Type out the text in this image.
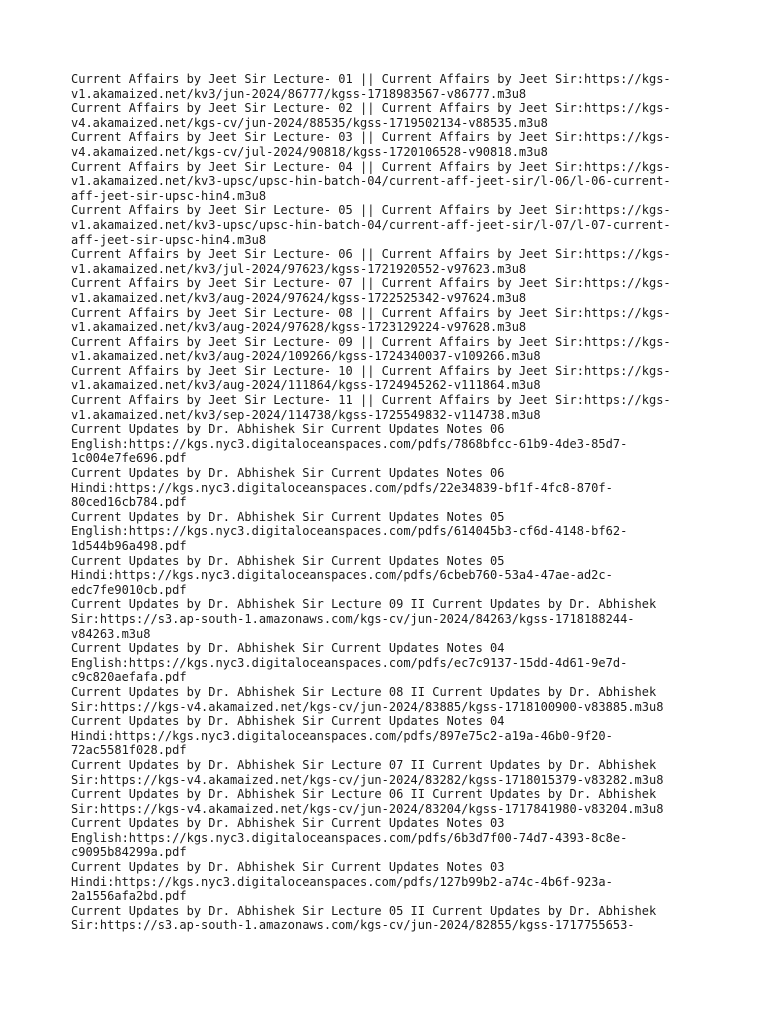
Current Affairs by Jeet Sir Lecture- 01 || Current Affairs by Jeet Sir:https://kgs-
v1.akamaized.net/kv3/jun-2024/86777/kgss-1718983567-v86777.m3u8
Current Affairs by Jeet Sir Lecture- 02 || Current Affairs by Jeet Sir:https://kgs-
v4.akamaized.net/kgs-cv/jun-2024/88535/kgss-1719502134-v88535.m3u8
Current Affairs by Jeet Sir Lecture- 03 || Current Affairs by Jeet Sir:https://kgs-
v4.akamaized.net/kgs-cv/jul-2024/90818/kgss-1720106528-v90818.m3u8
Current Affairs by Jeet Sir Lecture- 04 || Current Affairs by Jeet Sir:https://kgs-
v1.akamaized.net/kv3-upsc/upsc-hin-batch-04/current-aff-jeet-sir/l-06/l-06-current-
aff-jeet-sir-upsc-hin4.m3u8
Current Affairs by Jeet Sir Lecture- 05 || Current Affairs by Jeet Sir:https://kgs-
v1.akamaized.net/kv3-upsc/upsc-hin-batch-04/current-aff-jeet-sir/l-07/l-07-current-
aff-jeet-sir-upsc-hin4.m3u8
Current Affairs by Jeet Sir Lecture- 06 || Current Affairs by Jeet Sir:https://kgs-
v1.akamaized.net/kv3/jul-2024/97623/kgss-1721920552-v97623.m3u8
Current Affairs by Jeet Sir Lecture- 07 || Current Affairs by Jeet Sir:https://kgs-
v1.akamaized.net/kv3/aug-2024/97624/kgss-1722525342-v97624.m3u8
Current Affairs by Jeet Sir Lecture- 08 || Current Affairs by Jeet Sir:https://kgs-
v1.akamaized.net/kv3/aug-2024/97628/kgss-1723129224-v97628.m3u8
Current Affairs by Jeet Sir Lecture- 09 || Current Affairs by Jeet Sir:https://kgs-
v1.akamaized.net/kv3/aug-2024/109266/kgss-1724340037-v109266.m3u8
Current Affairs by Jeet Sir Lecture- 10 || Current Affairs by Jeet Sir:https://kgs-
v1.akamaized.net/kv3/aug-2024/111864/kgss-1724945262-v111864.m3u8
Current Affairs by Jeet Sir Lecture- 11 || Current Affairs by Jeet Sir:https://kgs-
v1.akamaized.net/kv3/sep-2024/114738/kgss-1725549832-v114738.m3u8
Current Updates by Dr. Abhishek Sir Current Updates Notes 06
English:https://kgs.nyc3.digitaloceanspaces.com/pdfs/7868bfcc-61b9-4de3-85d7-
1c004e7fe696.pdf
Current Updates by Dr. Abhishek Sir Current Updates Notes 06
Hindi:https://kgs.nyc3.digitaloceanspaces.com/pdfs/22e34839-bf1f-4fc8-870f-
80ced16cb784.pdf
Current Updates by Dr. Abhishek Sir Current Updates Notes 05
English:https://kgs.nyc3.digitaloceanspaces.com/pdfs/614045b3-cf6d-4148-bf62-
1d544b96a498.pdf
Current Updates by Dr. Abhishek Sir Current Updates Notes 05
Hindi:https://kgs.nyc3.digitaloceanspaces.com/pdfs/6cbeb760-53a4-47ae-ad2c-
edc7fe9010cb.pdf
Current Updates by Dr. Abhishek Sir Lecture 09 II Current Updates by Dr. Abhishek
Sir:https://s3.ap-south-1.amazonaws.com/kgs-cv/jun-2024/84263/kgss-1718188244-
v84263.m3u8
Current Updates by Dr. Abhishek Sir Current Updates Notes 04
English:https://kgs.nyc3.digitaloceanspaces.com/pdfs/ec7c9137-15dd-4d61-9e7d-
c9c820aefafa.pdf
Current Updates by Dr. Abhishek Sir Lecture 08 II Current Updates by Dr. Abhishek
Sir:https://kgs-v4.akamaized.net/kgs-cv/jun-2024/83885/kgss-1718100900-v83885.m3u8
Current Updates by Dr. Abhishek Sir Current Updates Notes 04
Hindi:https://kgs.nyc3.digitaloceanspaces.com/pdfs/897e75c2-a19a-46b0-9f20-
72ac5581f028.pdf
Current Updates by Dr. Abhishek Sir Lecture 07 II Current Updates by Dr. Abhishek
Sir:https://kgs-v4.akamaized.net/kgs-cv/jun-2024/83282/kgss-1718015379-v83282.m3u8
Current Updates by Dr. Abhishek Sir Lecture 06 II Current Updates by Dr. Abhishek
Sir:https://kgs-v4.akamaized.net/kgs-cv/jun-2024/83204/kgss-1717841980-v83204.m3u8
Current Updates by Dr. Abhishek Sir Current Updates Notes 03
English:https://kgs.nyc3.digitaloceanspaces.com/pdfs/6b3d7f00-74d7-4393-8c8e-
c9095b84299a.pdf
Current Updates by Dr. Abhishek Sir Current Updates Notes 03
Hindi:https://kgs.nyc3.digitaloceanspaces.com/pdfs/127b99b2-a74c-4b6f-923a-
2a1556afa2bd.pdf
Current Updates by Dr. Abhishek Sir Lecture 05 II Current Updates by Dr. Abhishek
Sir:https://s3.ap-south-1.amazonaws.com/kgs-cv/jun-2024/82855/kgss-1717755653-
